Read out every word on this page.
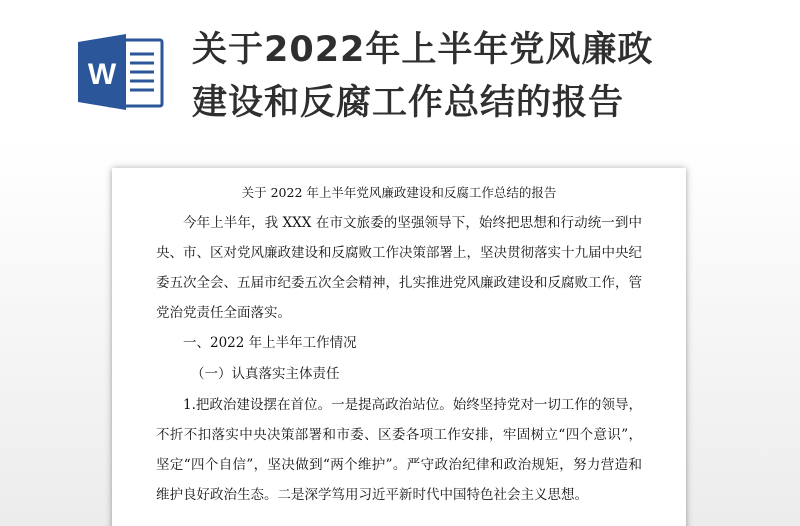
W
关于2022年上半年党风廉政
建设和反腐工作总结的报告

关于 2022 年上半年党风廉政建设和反腐工作总结的报告

今年上半年，我 XXX 在市文旅委的坚强领导下，始终把思想和行动统一到中央、市、区对党风廉政建设和反腐败工作决策部署上，坚决贯彻落实十九届中央纪委五次全会、五届市纪委五次全会精神，扎实推进党风廉政建设和反腐败工作，管党治党责任全面落实。

一、2022 年上半年工作情况

（一）认真落实主体责任

1.把政治建设摆在首位。一是提高政治站位。始终坚持党对一切工作的领导，不折不扣落实中央决策部署和市委、区委各项工作安排，牢固树立“四个意识”，坚定“四个自信”，坚决做到“两个维护”。严守政治纪律和政治规矩，努力营造和维护良好政治生态。二是深学笃用习近平新时代中国特色社会主义思想。
